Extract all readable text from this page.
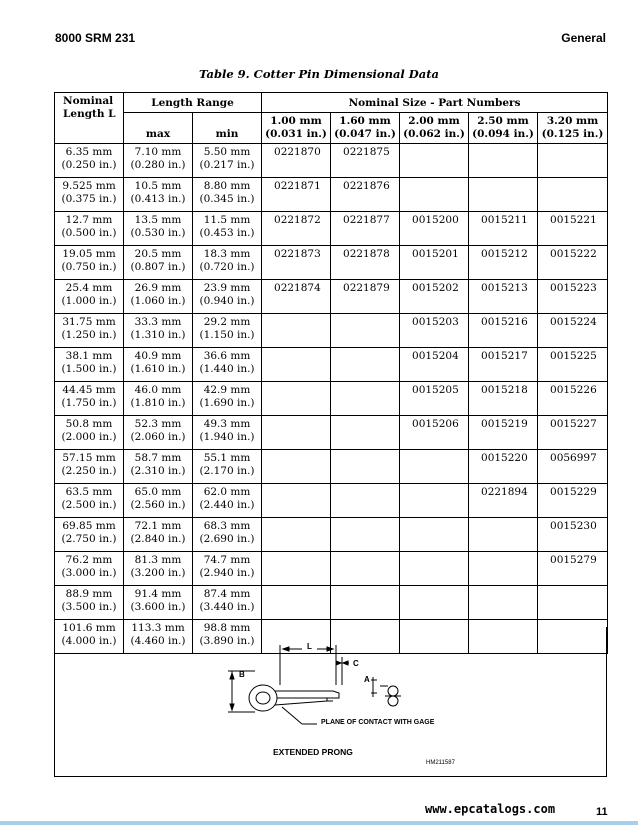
8000 SRM 231	General
Table 9. Cotter Pin Dimensional Data
Nominal
Length L	Length Range		Nominal Size - Part Numbers				
	max	min	1.00 mm
(0.031 in.)	1.60 mm
(0.047 in.)	2.00 mm
(0.062 in.)	2.50 mm
(0.094 in.)	3.20 mm
(0.125 in.)

6.35 mm
(0.250 in.)	7.10 mm
(0.280 in.)	5.50 mm
(0.217 in.)	0221870	0221875			

9.525 mm
(0.375 in.)	10.5 mm
(0.413 in.)	8.80 mm
(0.345 in.)	0221871	0221876			

12.7 mm
(0.500 in.)	13.5 mm
(0.530 in.)	11.5 mm
(0.453 in.)	0221872	0221877	0015200	0015211	0015221

19.05 mm
(0.750 in.)	20.5 mm
(0.807 in.)	18.3 mm
(0.720 in.)	0221873	0221878	0015201	0015212	0015222

25.4 mm
(1.000 in.)	26.9 mm
(1.060 in.)	23.9 mm
(0.940 in.)	0221874	0221879	0015202	0015213	0015223

31.75 mm
(1.250 in.)	33.3 mm
(1.310 in.)	29.2 mm
(1.150 in.)			0015203	0015216	0015224

38.1 mm
(1.500 in.)	40.9 mm
(1.610 in.)	36.6 mm
(1.440 in.)			0015204	0015217	0015225

44.45 mm
(1.750 in.)	46.0 mm
(1.810 in.)	42.9 mm
(1.690 in.)			0015205	0015218	0015226

50.8 mm
(2.000 in.)	52.3 mm
(2.060 in.)	49.3 mm
(1.940 in.)			0015206	0015219	0015227

57.15 mm
(2.250 in.)	58.7 mm
(2.310 in.)	55.1 mm
(2.170 in.)				0015220	0056997

63.5 mm
(2.500 in.)	65.0 mm
(2.560 in.)	62.0 mm
(2.440 in.)				0221894	0015229

69.85 mm
(2.750 in.)	72.1 mm
(2.840 in.)	68.3 mm
(2.690 in.)					0015230

76.2 mm
(3.000 in.)	81.3 mm
(3.200 in.)	74.7 mm
(2.940 in.)					0015279

88.9 mm
(3.500 in.)	91.4 mm
(3.600 in.)	87.4 mm
(3.440 in.)					

101.6 mm
(4.000 in.)	113.3 mm
(4.460 in.)	98.8 mm
(3.890 in.)					
						L
C
B
A
PLANE OF CONTACT WITH GAGE
EXTENDED PRONG
HM211587
www.epcatalogs.com	11
